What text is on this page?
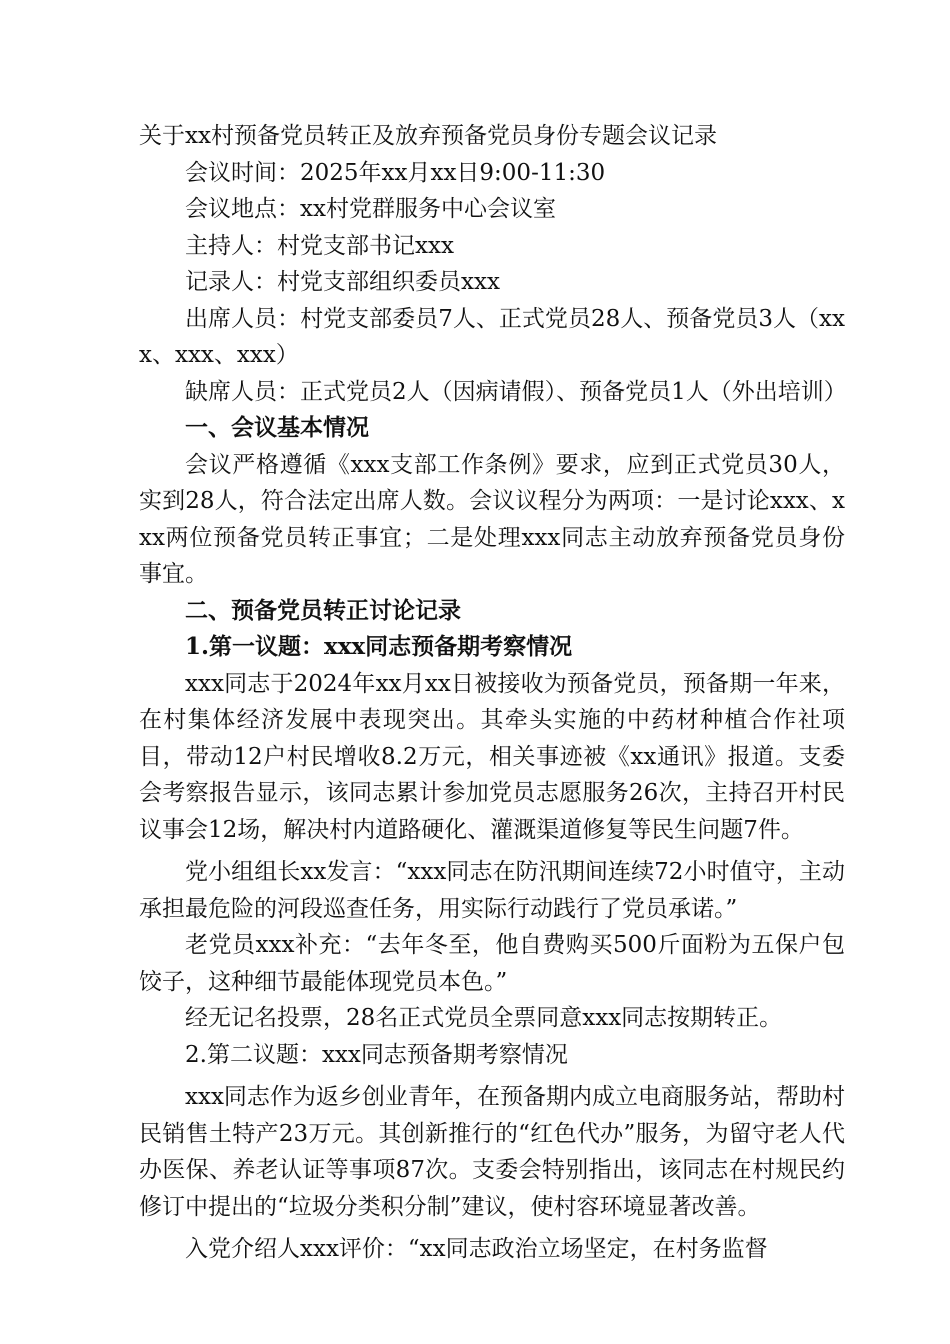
关于xx村预备党员转正及放弃预备党员身份专题会议记录

会议时间：2025年xx月xx日9:00-11:30

会议地点：xx村党群服务中心会议室

主持人：村党支部书记xxx

记录人：村党支部组织委员xxx

出席人员：村党支部委员7人、正式党员28人、预备党员3人（xxx、xxx、xxx）

缺席人员：正式党员2人（因病请假）、预备党员1人（外出培训）

一、会议基本情况

会议严格遵循《xxx支部工作条例》要求，应到正式党员30人，实到28人，符合法定出席人数。会议议程分为两项：一是讨论xxx、xxx两位预备党员转正事宜；二是处理xxx同志主动放弃预备党员身份事宜。

二、预备党员转正讨论记录

1.第一议题：xxx同志预备期考察情况

xxx同志于2024年xx月xx日被接收为预备党员，预备期一年来，在村集体经济发展中表现突出。其牵头实施的中药材种植合作社项目，带动12户村民增收8.2万元，相关事迹被《xx通讯》报道。支委会考察报告显示，该同志累计参加党员志愿服务26次，主持召开村民议事会12场，解决村内道路硬化、灌溉渠道修复等民生问题7件。

党小组组长xx发言：“xxx同志在防汛期间连续72小时值守，主动承担最危险的河段巡查任务，用实际行动践行了党员承诺。”

老党员xxx补充：“去年冬至，他自费购买500斤面粉为五保户包饺子，这种细节最能体现党员本色。”

经无记名投票，28名正式党员全票同意xxx同志按期转正。

2.第二议题：xxx同志预备期考察情况

xxx同志作为返乡创业青年，在预备期内成立电商服务站，帮助村民销售土特产23万元。其创新推行的“红色代办”服务，为留守老人代办医保、养老认证等事项87次。支委会特别指出，该同志在村规民约修订中提出的“垃圾分类积分制”建议，使村容环境显著改善。

入党介绍人xxx评价：“xx同志政治立场坚定，在村务监督
